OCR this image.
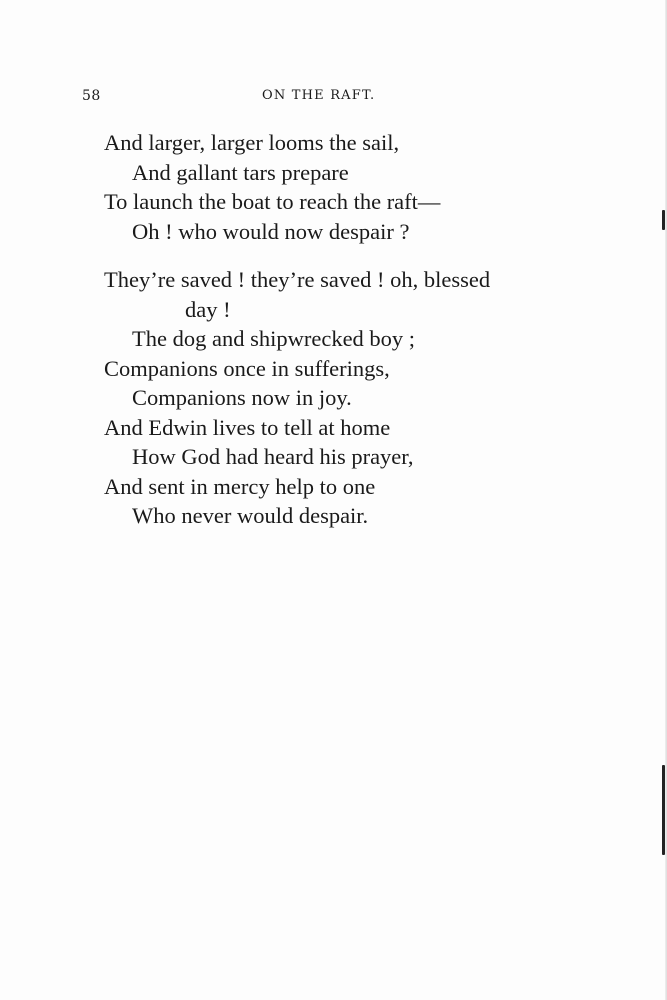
58	ON THE RAFT.
And larger, larger looms the sail,
And gallant tars prepare
To launch the boat to reach the raft—
Oh ! who would now despair ?
They’re saved ! they’re saved ! oh, blessed
day !
The dog and shipwrecked boy ;
Companions once in sufferings,
Companions now in joy.
And Edwin lives to tell at home
How God had heard his prayer,
And sent in mercy help to one
Who never would despair.
